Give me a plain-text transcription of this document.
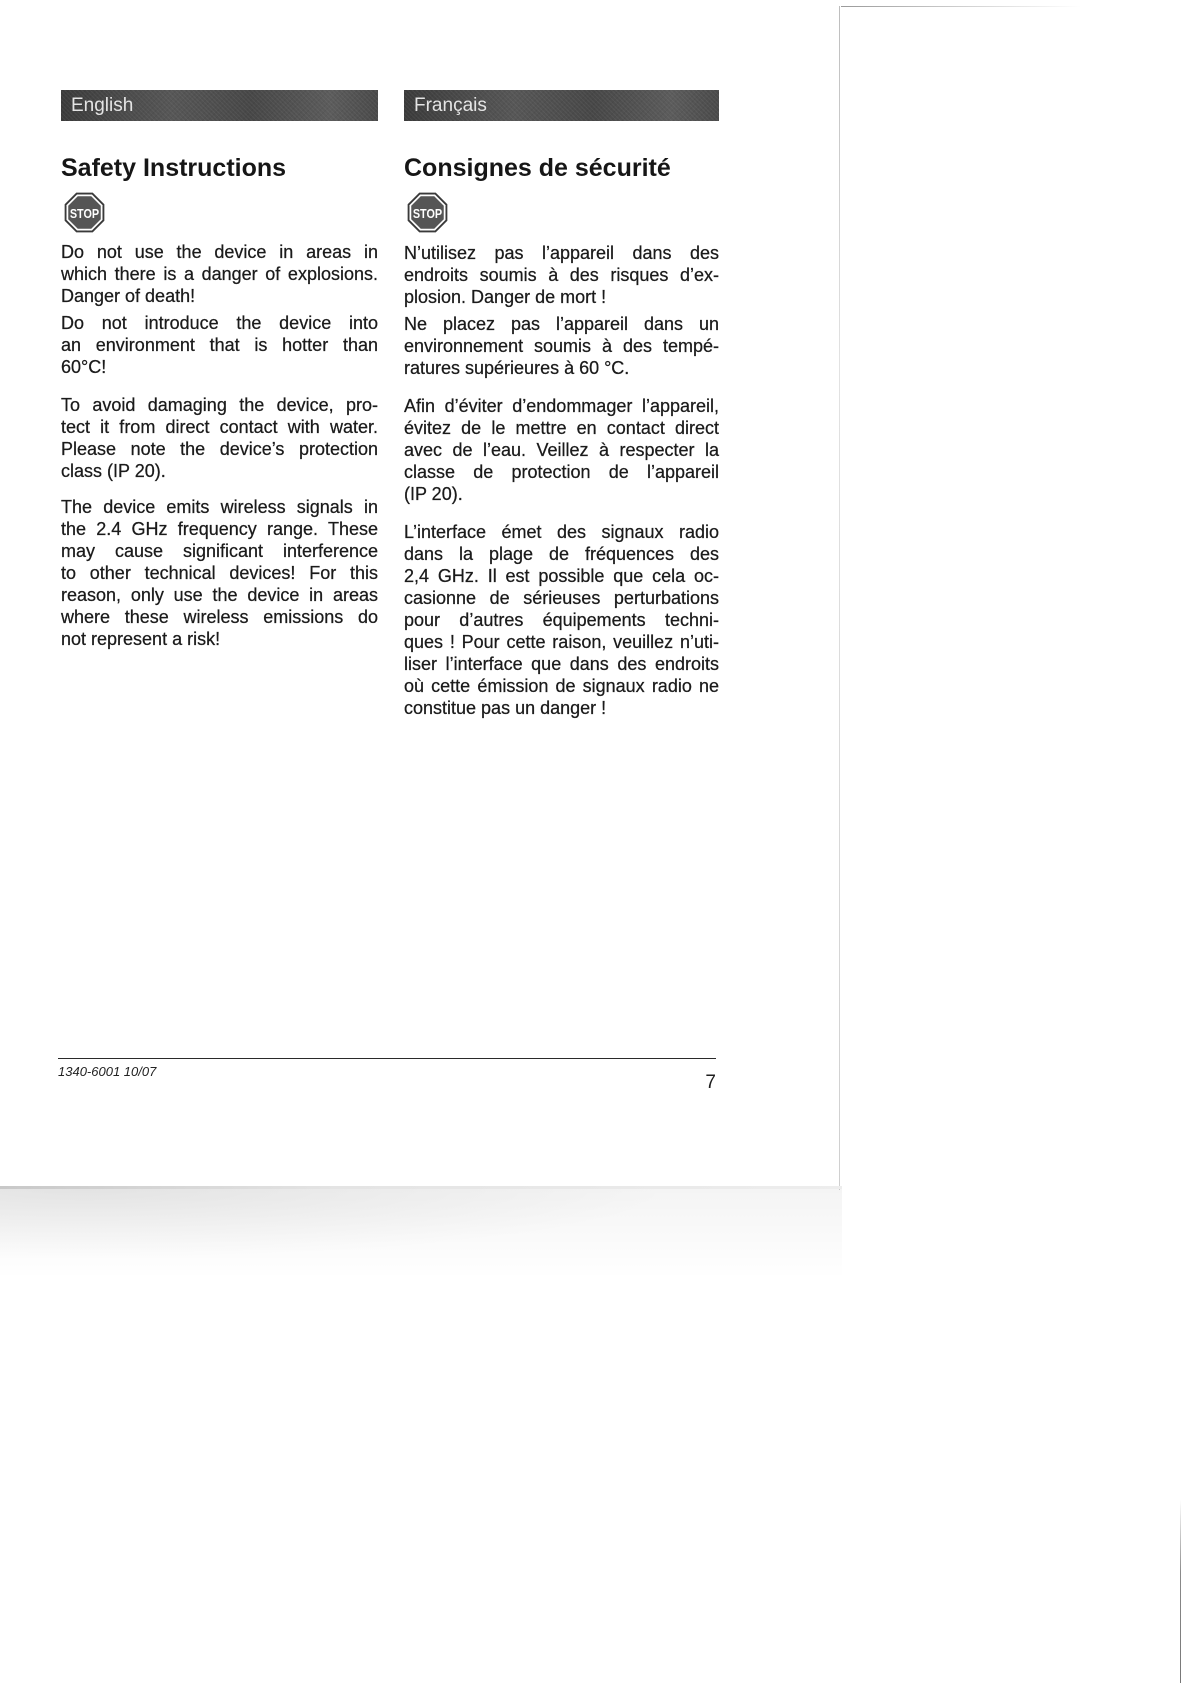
English
Safety Instructions
STOP
Do not use the device in areas in
which there is a danger of explosions.
Danger of death!
Do not introduce the device into
an environment that is hotter than
60°C!
To avoid damaging the device, pro-
tect it from direct contact with water.
Please note the device’s protection
class (IP 20).
The device emits wireless signals in
the 2.4 GHz frequency range. These
may cause significant interference
to other technical devices! For this
reason, only use the device in areas
where these wireless emissions do
not represent a risk!
Français
Consignes de sécurité
STOP
N’utilisez pas l’appareil dans des
endroits soumis à des risques d’ex-
plosion. Danger de mort !
Ne placez pas l’appareil dans un
environnement soumis à des tempé-
ratures supérieures à 60 °C.
Afin d’éviter d’endommager l’appareil,
évitez de le mettre en contact direct
avec de l’eau. Veillez à respecter la
classe de protection de l’appareil
(IP 20).
L’interface émet des signaux radio
dans la plage de fréquences des
2,4 GHz. Il est possible que cela oc-
casionne de sérieuses perturbations
pour d’autres équipements techni-
ques ! Pour cette raison, veuillez n’uti-
liser l’interface que dans des endroits
où cette émission de signaux radio ne
constitue pas un danger !
1340-6001 10/07
7
